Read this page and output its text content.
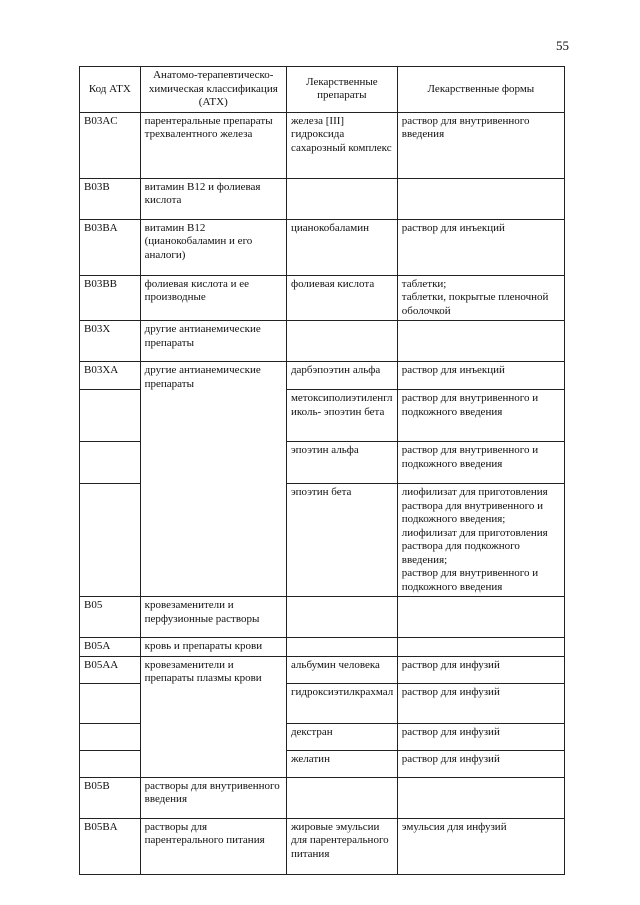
55
Код АТХ	Анатомо-терапевтическо-химическая классификация (АТХ)	Лекарственные препараты	Лекарственные формы
B03AC	парентеральные препараты трехвалентного железа	железа [III] гидроксида сахарозный комплекс	раствор для внутривенного введения
B03B	витамин B12 и фолиевая кислота		
B03BA	витамин B12 (цианокобаламин и его аналоги)	цианокобаламин	раствор для инъекций
B03BB	фолиевая кислота и ее производные	фолиевая кислота	таблетки;
таблетки, покрытые пленочной оболочкой
B03X	другие антианемические препараты		
B03XA	другие антианемические препараты	дарбэпоэтин альфа	раствор для инъекций
		метоксиполиэтиленгликоль- эпоэтин бета	раствор для внутривенного и подкожного введения
		эпоэтин альфа	раствор для внутривенного и подкожного введения
		эпоэтин бета	лиофилизат для приготовления раствора для внутривенного и подкожного введения;
лиофилизат для приготовления раствора для подкожного введения;
раствор для внутривенного и подкожного введения
B05	кровезаменители и перфузионные растворы		
B05A	кровь и препараты крови		
B05AA	кровезаменители и препараты плазмы крови	альбумин человека	раствор для инфузий
		гидроксиэтилкрахмал	раствор для инфузий
		декстран	раствор для инфузий
		желатин	раствор для инфузий
B05B	растворы для внутривенного введения		
B05BA	растворы для парентерального питания	жировые эмульсии для парентерального питания	эмульсия для инфузий
